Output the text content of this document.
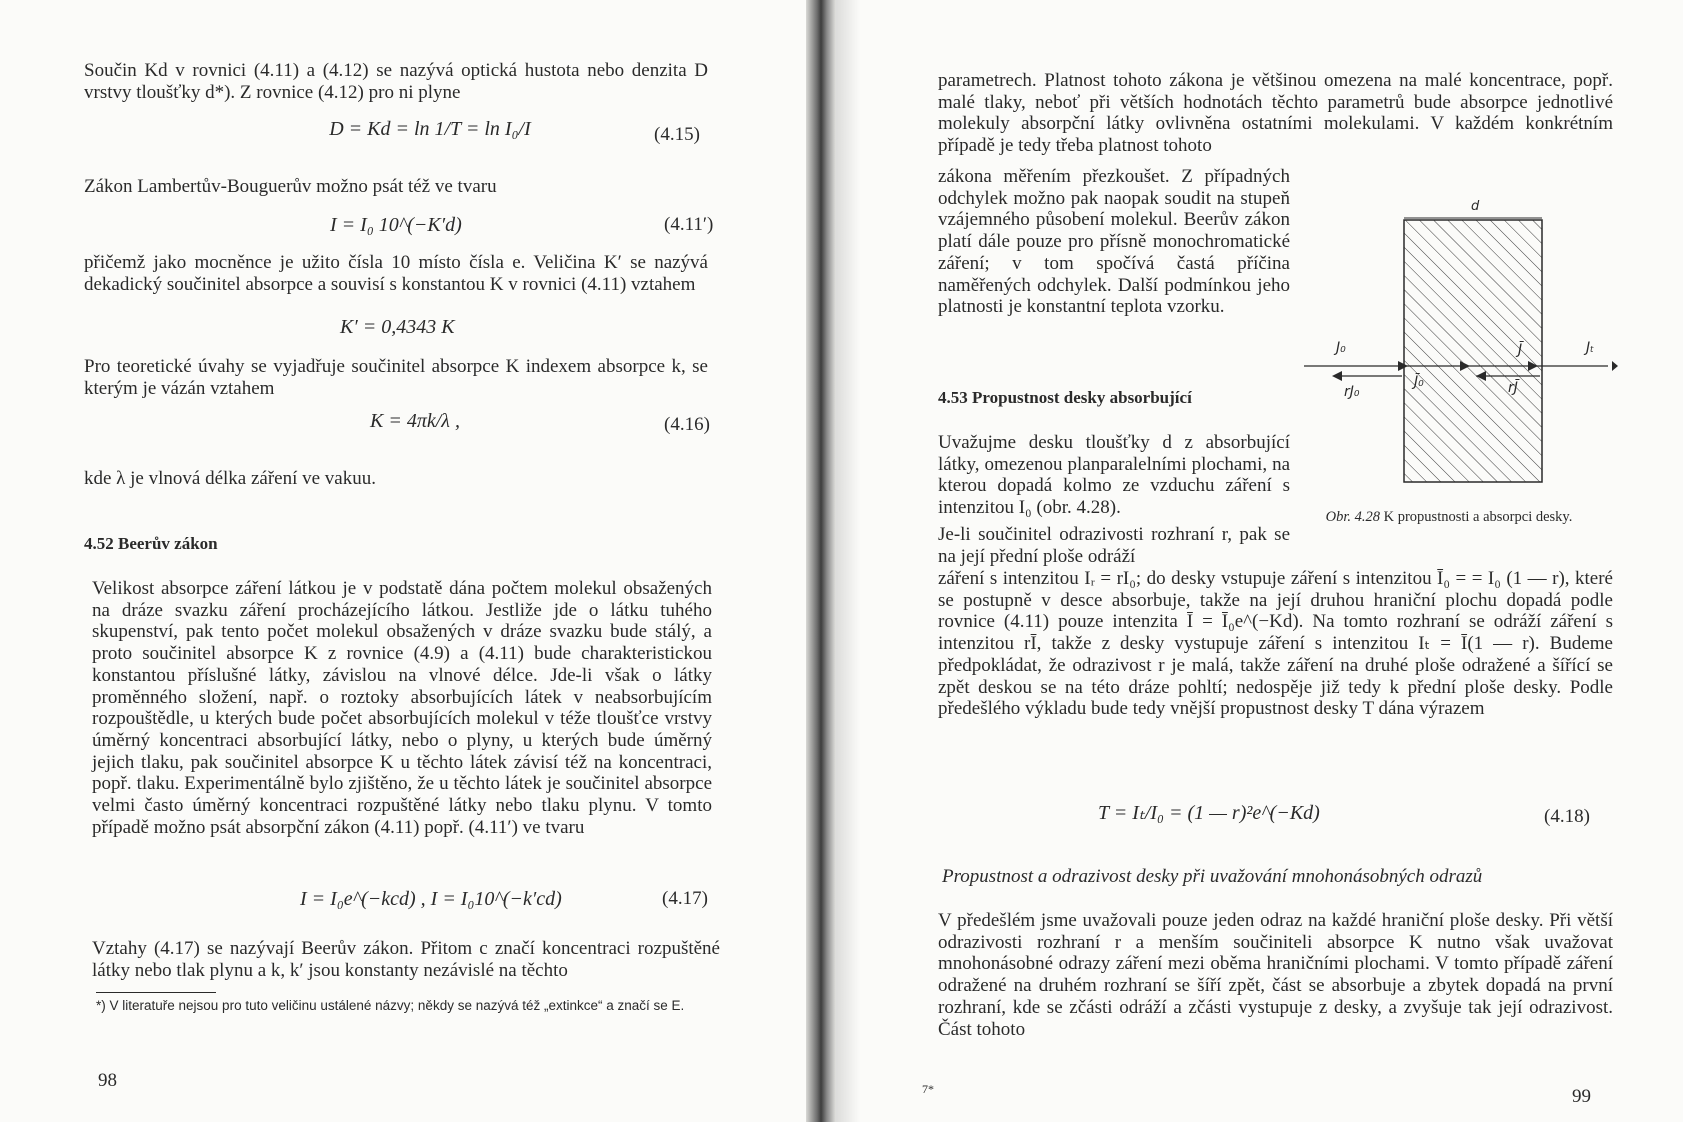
Součin Kd v rovnici (4.11) a (4.12) se nazývá optická hustota nebo denzita D vrstvy tloušťky d*). Z rovnice (4.12) pro ni plyne
D = Kd = ln 1/T = ln I₀/I	(4.15)
Zákon Lambertův-Bouguerův možno psát též ve tvaru
I = I₀ 10^(−K′d)	(4.11′)
přičemž jako mocněnce je užito čísla 10 místo čísla e. Veličina K′ se nazývá dekadický součinitel absorpce a souvisí s konstantou K v rovnici (4.11) vztahem
K′ = 0,4343 K
Pro teoretické úvahy se vyjadřuje součinitel absorpce K indexem absorpce k, se kterým je vázán vztahem
K = 4πk/λ ,	(4.16)
kde λ je vlnová délka záření ve vakuu.
4.52 Beerův zákon
Velikost absorpce záření látkou je v podstatě dána počtem molekul obsažených na dráze svazku záření procházejícího látkou. Jestliže jde o látku tuhého skupenství, pak tento počet molekul obsažených v dráze svazku bude stálý, a proto součinitel absorpce K z rovnice (4.9) a (4.11) bude charakteristickou konstantou příslušné látky, závislou na vlnové délce. Jde-li však o látky proměnného složení, např. o roztoky absorbujících látek v neabsorbujícím rozpouštědle, u kterých bude počet absorbujících molekul v téže tloušťce vrstvy úměrný koncentraci absorbující látky, nebo o plyny, u kterých bude úměrný jejich tlaku, pak součinitel absorpce K u těchto látek závisí též na koncentraci, popř. tlaku. Experimentálně bylo zjištěno, že u těchto látek je součinitel absorpce velmi často úměrný koncentraci rozpuštěné látky nebo tlaku plynu. V tomto případě možno psát absorpční zákon (4.11) popř. (4.11′) ve tvaru
I = I₀e^(−kcd) , I = I₀10^(−k′cd)	(4.17)
Vztahy (4.17) se nazývají Beerův zákon. Přitom c značí koncentraci rozpuštěné látky nebo tlak plynu a k, k′ jsou konstanty nezávislé na těchto
*) V literatuře nejsou pro tuto veličinu ustálené názvy; někdy se nazývá též „extinkce“ a značí se E.
98
parametrech. Platnost tohoto zákona je většinou omezena na malé koncentrace, popř. malé tlaky, neboť při větších hodnotách těchto parametrů bude absorpce jednotlivé molekuly absorpční látky ovlivněna ostatními molekulami. V každém konkrétním případě je tedy třeba platnost tohoto
zákona měřením přezkoušet. Z případných odchylek možno pak naopak soudit na stupeň vzájemného působení molekul. Beerův zákon platí dále pouze pro přísně monochromatické záření; v tom spočívá častá příčina naměřených odchylek. Další podmínkou jeho platnosti je konstantní teplota vzorku.
4.53 Propustnost desky absorbující
Uvažujme desku tloušťky d z absorbující látky, omezenou planparalelními plochami, na kterou dopadá kolmo ze vzduchu záření s intenzitou I₀ (obr. 4.28).
Je-li součinitel odrazivosti rozhraní r, pak se na její přední ploše odráží
záření s intenzitou Iᵣ = rI₀; do desky vstupuje záření s intenzitou Ī₀ = = I₀ (1 — r), které se postupně v desce absorbuje, takže na její druhou hraniční plochu dopadá podle rovnice (4.11) pouze intenzita Ī = Ī₀e^(−Kd). Na tomto rozhraní se odráží záření s intenzitou rĪ, takže z desky vystupuje záření s intenzitou Iₜ = Ī(1 — r). Budeme předpokládat, že odrazivost r je malá, takže záření na druhé ploše odražené a šířící se zpět deskou se na této dráze pohltí; nedospěje již tedy k přední ploše desky. Podle předešlého výkladu bude tedy vnější propustnost desky T dána výrazem
d
J₀
rJ₀
J̄₀
J̄
rJ̄
Jₜ
Obr. 4.28 K propustnosti a absorpci desky.
T = Iₜ/I₀ = (1 — r)²e^(−Kd)	(4.18)
Propustnost a odrazivost desky při uvažování mnohonásobných odrazů
V předešlém jsme uvažovali pouze jeden odraz na každé hraniční ploše desky. Při větší odrazivosti rozhraní r a menším součiniteli absorpce K nutno však uvažovat mnohonásobné odrazy záření mezi oběma hraničními plochami. V tomto případě záření odražené na druhém rozhraní se šíří zpět, část se absorbuje a zbytek dopadá na první rozhraní, kde se zčásti odráží a zčásti vystupuje z desky, a zvyšuje tak její odrazivost. Část tohoto
7*	99
